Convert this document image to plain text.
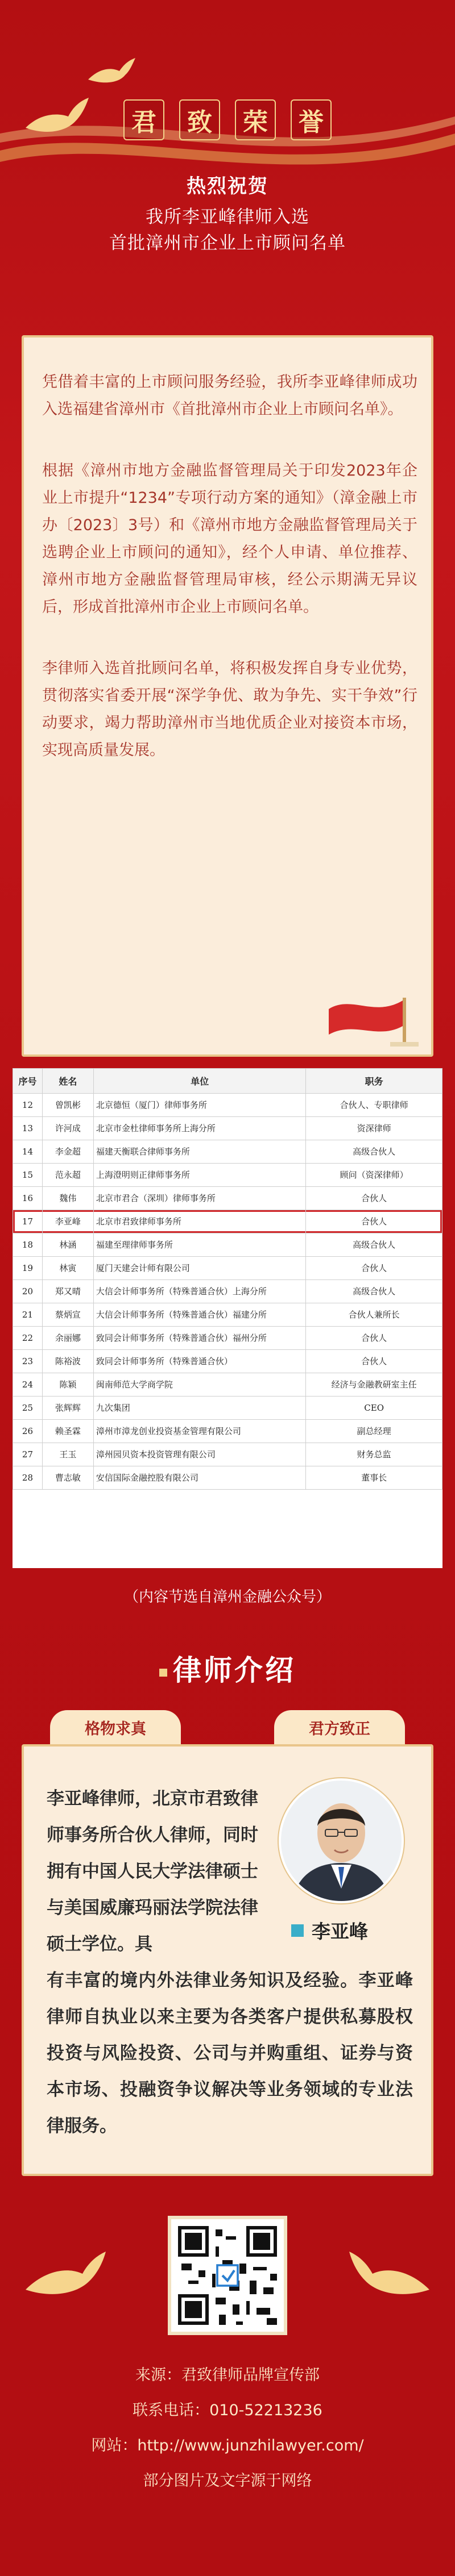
君	致	荣	誉
热烈祝贺
我所李亚峰律师入选
首批漳州市企业上市顾问名单

凭借着丰富的上市顾问服务经验，我所李亚峰律师成功入选福建省漳州市《首批漳州市企业上市顾问名单》。

根据《漳州市地方金融监督管理局关于印发2023年企业上市提升“1234”专项行动方案的通知》（漳金融上市办〔2023〕3号）和《漳州市地方金融监督管理局关于选聘企业上市顾问的通知》，经个人申请、单位推荐、漳州市地方金融监督管理局审核，经公示期满无异议后，形成首批漳州市企业上市顾问名单。

李律师入选首批顾问名单，将积极发挥自身专业优势，贯彻落实省委开展“深学争优、敢为争先、实干争效”行动要求，竭力帮助漳州市当地优质企业对接资本市场，实现高质量发展。

序号	姓名	单位	职务
12	曾凯彬	北京德恒（厦门）律师事务所	合伙人、专职律师
13	许河成	北京市金杜律师事务所上海分所	资深律师
14	李金超	福建天衡联合律师事务所	高级合伙人
15	范永超	上海澄明则正律师事务所	顾问（资深律师）
16	魏伟	北京市君合（深圳）律师事务所	合伙人
17	李亚峰	北京市君致律师事务所	合伙人
18	林涵	福建至理律师事务所	高级合伙人
19	林寅	厦门天建会计师有限公司	合伙人
20	郑又晴	大信会计师事务所（特殊普通合伙）上海分所	高级合伙人
21	蔡炳宣	大信会计师事务所（特殊普通合伙）福建分所	合伙人兼所长
22	余丽娜	致同会计师事务所（特殊普通合伙）福州分所	合伙人
23	陈裕波	致同会计师事务所（特殊普通合伙）	合伙人
24	陈颖	闽南师范大学商学院	经济与金融教研室主任
25	张辉辉	九次集团	CEO
26	赖圣霖	漳州市漳龙创业投资基金管理有限公司	副总经理
27	王玉	漳州园贝资本投资管理有限公司	财务总监
28	曹志敏	安信国际金融控股有限公司	董事长
（内容节选自漳州金融公众号）
律师介绍
格物求真	君方致正

李亚峰律师，北京市君致律师事务所合伙人律师，同时拥有中国人民大学法律硕士与美国威廉玛丽法学院法律硕士学位。具

李亚峰

有丰富的境内外法律业务知识及经验。李亚峰律师自执业以来主要为各类客户提供私募股权投资与风险投资、公司与并购重组、证券与资本市场、投融资争议解决等业务领域的专业法律服务。

来源：君致律师品牌宣传部
联系电话：010-52213236
网站：http://www.junzhilawyer.com/
部分图片及文字源于网络
